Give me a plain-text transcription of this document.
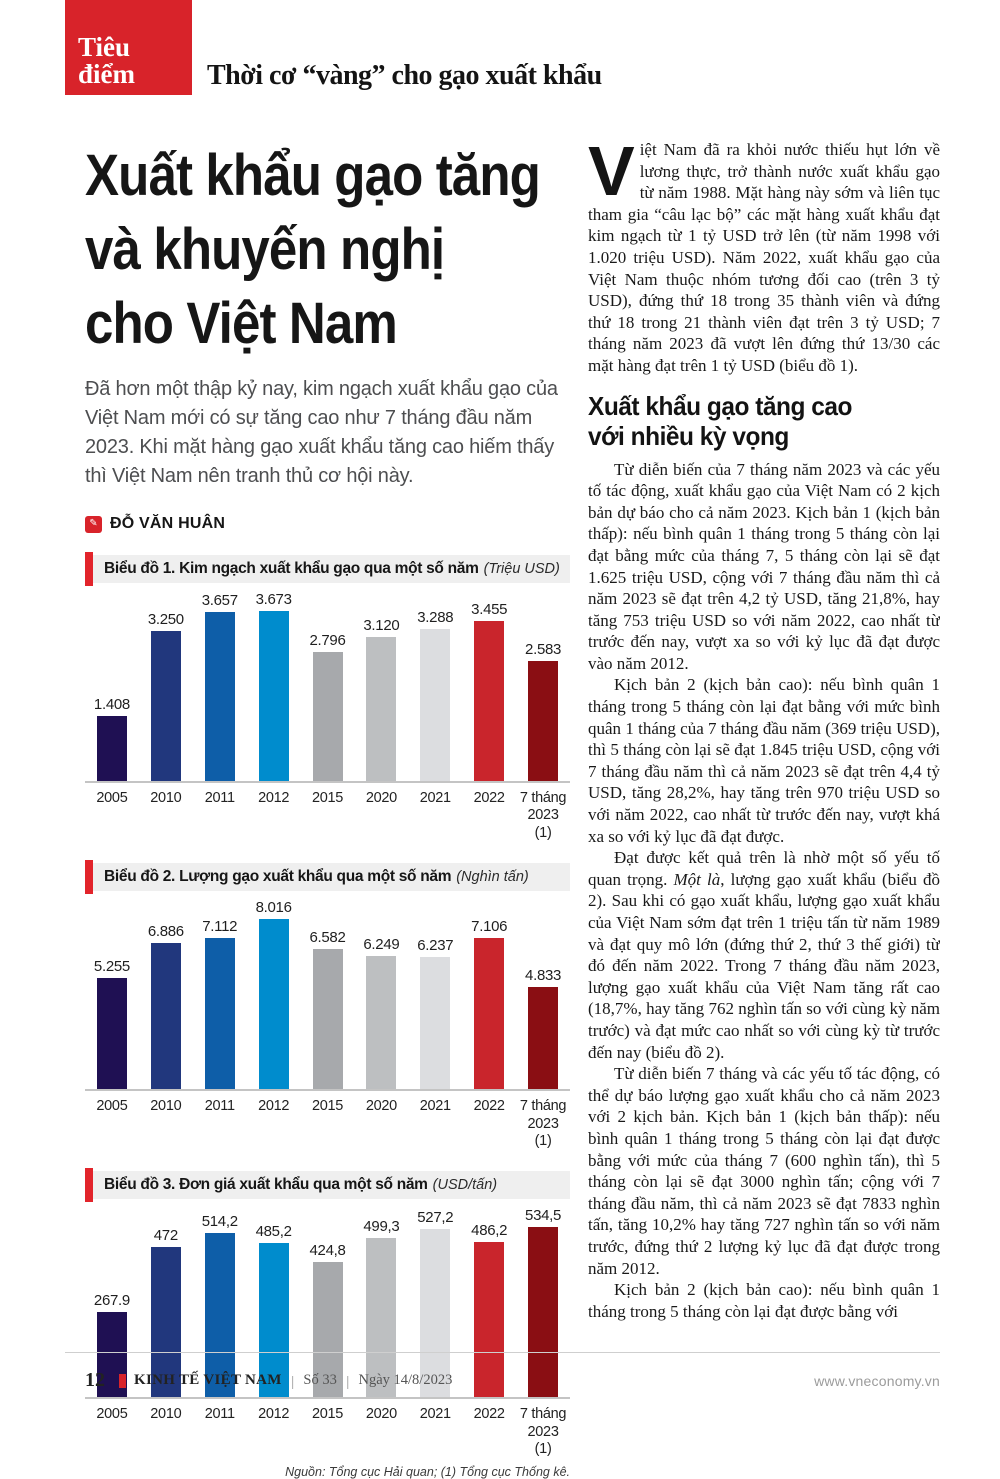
Tiêu điểm	Thời cơ “vàng” cho gạo xuất khẩu
Xuất khẩu gạo tăng
và khuyến nghị
cho Việt Nam

Đã hơn một thập kỷ nay, kim ngạch xuất khẩu gạo của Việt Nam mới có sự tăng cao như 7 tháng đầu năm 2023. Khi mặt hàng gạo xuất khẩu tăng cao hiếm thấy thì Việt Nam nên tranh thủ cơ hội này.

✎ ĐỖ VĂN HUÂN
Biểu đồ 1. Kim ngạch xuất khẩu gạo qua một số năm (Triệu USD)
1.408
3.250
3.657 3.673
2.796
3.120 3.288 3.455
2.583
2005	2010	2011	2012	2015	2020	2021	2022	7 tháng 2023
(1)
Biểu đồ 2. Lượng gạo xuất khẩu qua một số năm (Nghìn tấn)
5.255
6.886 7.112
8.016
6.582 6.249 6.237
7.106
4.833
2005	2010	2011	2012	2015	2020	2021	2022	7 tháng 2023
(1)
Biểu đồ 3. Đơn giá xuất khẩu qua một số năm (USD/tấn)
267.9
472
514,2
485,2
424,8
499,3
527,2
486,2
534,5
2005	2010	2011	2012	2015	2020	2021	2022	7 tháng 2023
(1)
Nguồn: Tổng cục Hải quan; (1) Tổng cục Thống kê.

Việt Nam đã ra khỏi nước thiếu hụt lớn về lương thực, trở thành nước xuất khẩu gạo từ năm 1988. Mặt hàng này sớm và liên tục tham gia “câu lạc bộ” các mặt hàng xuất khẩu đạt kim ngạch từ 1 tỷ USD trở lên (từ năm 1998 với 1.020 triệu USD). Năm 2022, xuất khẩu gạo của Việt Nam thuộc nhóm tương đối cao (trên 3 tỷ USD), đứng thứ 18 trong 35 thành viên và đứng thứ 18 trong 21 thành viên đạt trên 3 tỷ USD; 7 tháng năm 2023 đã vượt lên đứng thứ 13/30 các mặt hàng đạt trên 1 tỷ USD (biểu đồ 1).

Xuất khẩu gạo tăng cao
với nhiều kỳ vọng

Từ diễn biến của 7 tháng năm 2023 và các yếu tố tác động, xuất khẩu gạo của Việt Nam có 2 kịch bản dự báo cho cả năm 2023. Kịch bản 1 (kịch bản thấp): nếu bình quân 1 tháng trong 5 tháng còn lại đạt bằng mức của tháng 7, 5 tháng còn lại sẽ đạt 1.625 triệu USD, cộng với 7 tháng đầu năm thì cả năm 2023 sẽ đạt trên 4,2 tỷ USD, tăng 21,8%, hay tăng 753 triệu USD so với năm 2022, cao nhất từ trước đến nay, vượt xa so với kỷ lục đã đạt được vào năm 2012.

Kịch bản 2 (kịch bản cao): nếu bình quân 1 tháng trong 5 tháng còn lại đạt bằng với mức bình quân 1 tháng của 7 tháng đầu năm (369 triệu USD), thì 5 tháng còn lại sẽ đạt 1.845 triệu USD, cộng với 7 tháng đầu năm thì cả năm 2023 sẽ đạt trên 4,4 tỷ USD, tăng 28,2%, hay tăng trên 970 triệu USD so với năm 2022, cao nhất từ trước đến nay, vượt khá xa so với kỷ lục đã đạt được.

Đạt được kết quả trên là nhờ một số yếu tố quan trọng. Một là, lượng gạo xuất khẩu (biểu đồ 2). Sau khi có gạo xuất khẩu, lượng gạo xuất khẩu của Việt Nam sớm đạt trên 1 triệu tấn từ năm 1989 và đạt quy mô lớn (đứng thứ 2, thứ 3 thế giới) từ đó đến năm 2022. Trong 7 tháng đầu năm 2023, lượng gạo xuất khẩu của Việt Nam tăng rất cao (18,7%, hay tăng 762 nghìn tấn so với cùng kỳ năm trước) và đạt mức cao nhất so với cùng kỳ từ trước đến nay (biểu đồ 2).

Từ diễn biến 7 tháng và các yếu tố tác động, có thể dự báo lượng gạo xuất khẩu cho cả năm 2023 với 2 kịch bản. Kịch bản 1 (kịch bản thấp): nếu bình quân 1 tháng trong 5 tháng còn lại đạt được bằng với mức của tháng 7 (600 nghìn tấn), thì 5 tháng còn lại sẽ đạt 3000 nghìn tấn; cộng với 7 tháng đầu năm, thì cả năm 2023 sẽ đạt 7833 nghìn tấn, tăng 10,2% hay tăng 727 nghìn tấn so với năm trước, đứng thứ 2 lượng kỷ lục đã đạt được trong năm 2012.

Kịch bản 2 (kịch bản cao): nếu bình quân 1 tháng trong 5 tháng còn lại đạt được bằng với

12 KINH TẾ VIỆT NAM | Số 33 | Ngày 14/8/2023	www.vneconomy.vn
